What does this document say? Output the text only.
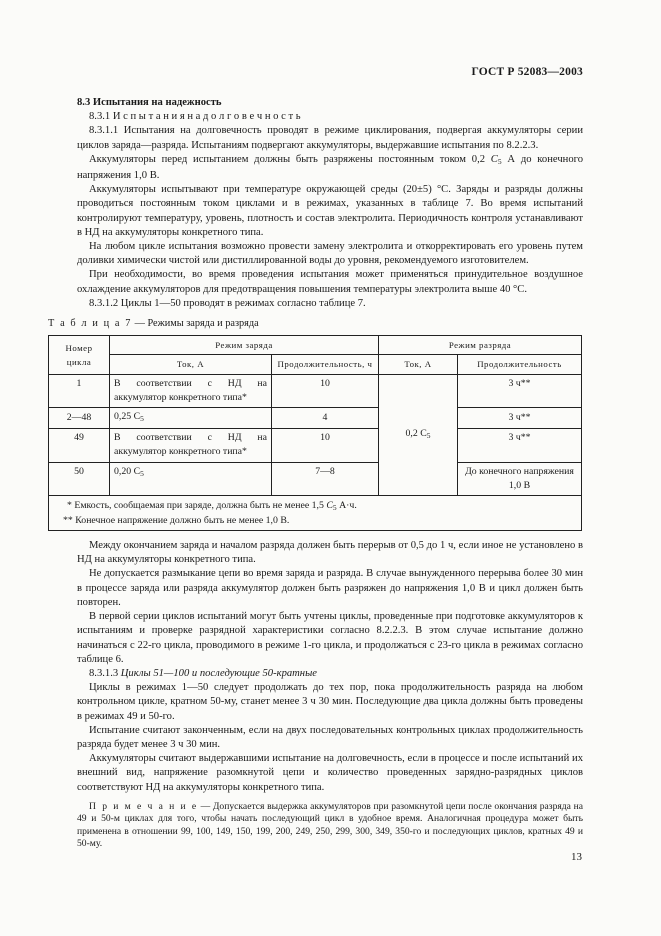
ГОСТ Р 52083—2003

8.3 Испытания на надежность

8.3.1 И с п ы т а н и я н а д о л г о в е ч н о с т ь

8.3.1.1 Испытания на долговечность проводят в режиме циклирования, подвергая аккумуляторы серии циклов заряда—разряда. Испытаниям подвергают аккумуляторы, выдержавшие испытания по 8.2.2.3.

Аккумуляторы перед испытанием должны быть разряжены постоянным током 0,2 $C_5$ А до конечного напряжения 1,0 В.

Аккумуляторы испытывают при температуре окружающей среды (20±5) °С. Заряды и разряды должны проводиться постоянным током циклами и в режимах, указанных в таблице 7. Во время испытаний контролируют температуру, уровень, плотность и состав электролита. Периодичность контроля устанавливают в НД на аккумуляторы конкретного типа.

На любом цикле испытания возможно провести замену электролита и откорректировать его уровень путем доливки химически чистой или дистиллированной воды до уровня, рекомендуемого изготовителем.

При необходимости, во время проведения испытания может применяться принудительное воздушное охлаждение аккумуляторов для предотвращения повышения температуры электролита выше 40 °С.

8.3.1.2 Циклы 1—50 проводят в режимах согласно таблице 7.

Т а б л и ц а 7 — Режимы заряда и разряда
Номер цикла	Режим заряда		Режим разряда	
	Ток, А	Продолжительность, ч	Ток, А	Продолжительность
1	В соответствии с НД на аккумулятор конкретного типа*	10	0,2 $C_5$	3 ч**
2—48	0,25 $C_5$	4		3 ч**
49	В соответствии с НД на аккумулятор конкретного типа*	10		3 ч**
50	0,20 $C_5$	7—8		До конечного напряжения 1,0 В

* Емкость, сообщаемая при заряде, должна быть не менее 1,5 $C_5$ А·ч.
** Конечное напряжение должно быть не менее 1,0 В.				

Между окончанием заряда и началом разряда должен быть перерыв от 0,5 до 1 ч, если иное не установлено в НД на аккумуляторы конкретного типа.

Не допускается размыкание цепи во время заряда и разряда. В случае вынужденного перерыва более 30 мин в процессе заряда или разряда аккумулятор должен быть разряжен до напряжения 1,0 В и цикл должен быть повторен.

В первой серии циклов испытаний могут быть учтены циклы, проведенные при подготовке аккумуляторов к испытаниям и проверке разрядной характеристики согласно 8.2.2.3. В этом случае испытание должно начинаться с 22-го цикла, проводимого в режиме 1-го цикла, и продолжаться с 23-го цикла в режимах согласно таблице 6.

8.3.1.3 Циклы 51—100 и последующие 50-кратные

Циклы в режимах 1—50 следует продолжать до тех пор, пока продолжительность разряда на любом контрольном цикле, кратном 50-му, станет менее 3 ч 30 мин. Последующие два цикла должны быть проведены в режимах 49 и 50-го.

Испытание считают законченным, если на двух последовательных контрольных циклах продолжительность разряда будет менее 3 ч 30 мин.

Аккумуляторы считают выдержавшими испытание на долговечность, если в процессе и после испытаний их внешний вид, напряжение разомкнутой цепи и количество проведенных зарядно-разрядных циклов соответствуют НД на аккумуляторы конкретного типа.

П р и м е ч а н и е — Допускается выдержка аккумуляторов при разомкнутой цепи после окончания разряда на 49 и 50-м циклах для того, чтобы начать последующий цикл в удобное время. Аналогичная процедура может быть применена в отношении 99, 100, 149, 150, 199, 200, 249, 250, 299, 300, 349, 350-го и последующих циклов, кратных 49 и 50-му.

13
